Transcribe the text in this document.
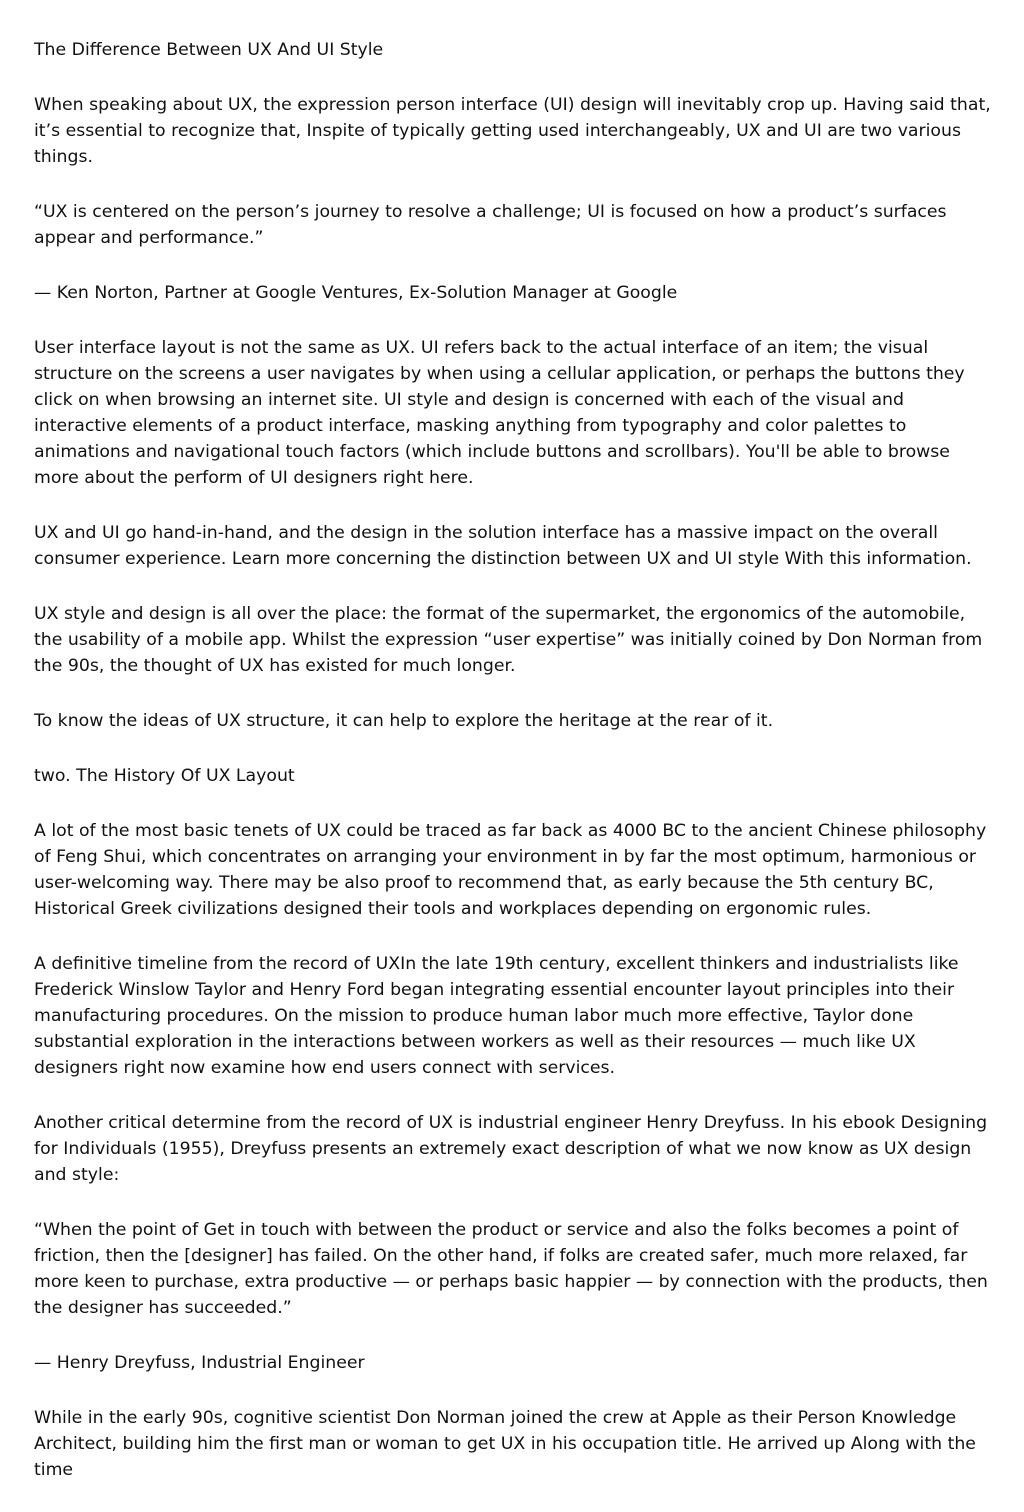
The Difference Between UX And UI Style

When speaking about UX, the expression person interface (UI) design will inevitably crop up. Having said that, it’s essential to recognize that, Inspite of typically getting used interchangeably, UX and UI are two various things.

“UX is centered on the person’s journey to resolve a challenge; UI is focused on how a product’s surfaces appear and performance.”

— Ken Norton, Partner at Google Ventures, Ex-Solution Manager at Google

User interface layout is not the same as UX. UI refers back to the actual interface of an item; the visual structure on the screens a user navigates by when using a cellular application, or perhaps the buttons they click on when browsing an internet site. UI style and design is concerned with each of the visual and interactive elements of a product interface, masking anything from typography and color palettes to animations and navigational touch factors (which include buttons and scrollbars). You'll be able to browse more about the perform of UI designers right here.

UX and UI go hand-in-hand, and the design in the solution interface has a massive impact on the overall consumer experience. Learn more concerning the distinction between UX and UI style With this information.

UX style and design is all over the place: the format of the supermarket, the ergonomics of the automobile, the usability of a mobile app. Whilst the expression “user expertise” was initially coined by Don Norman from the 90s, the thought of UX has existed for much longer.

To know the ideas of UX structure, it can help to explore the heritage at the rear of it.

two. The History Of UX Layout

A lot of the most basic tenets of UX could be traced as far back as 4000 BC to the ancient Chinese philosophy of Feng Shui, which concentrates on arranging your environment in by far the most optimum, harmonious or user-welcoming way. There may be also proof to recommend that, as early because the 5th century BC, Historical Greek civilizations designed their tools and workplaces depending on ergonomic rules.

A definitive timeline from the record of UXIn the late 19th century, excellent thinkers and industrialists like Frederick Winslow Taylor and Henry Ford began integrating essential encounter layout principles into their manufacturing procedures. On the mission to produce human labor much more effective, Taylor done substantial exploration in the interactions between workers as well as their resources — much like UX designers right now examine how end users connect with services.

Another critical determine from the record of UX is industrial engineer Henry Dreyfuss. In his ebook Designing for Individuals (1955), Dreyfuss presents an extremely exact description of what we now know as UX design and style:

“When the point of Get in touch with between the product or service and also the folks becomes a point of friction, then the [designer] has failed. On the other hand, if folks are created safer, much more relaxed, far more keen to purchase, extra productive — or perhaps basic happier — by connection with the products, then the designer has succeeded.”

— Henry Dreyfuss, Industrial Engineer

While in the early 90s, cognitive scientist Don Norman joined the crew at Apple as their Person Knowledge Architect, building him the first man or woman to get UX in his occupation title. He arrived up Along with the time
